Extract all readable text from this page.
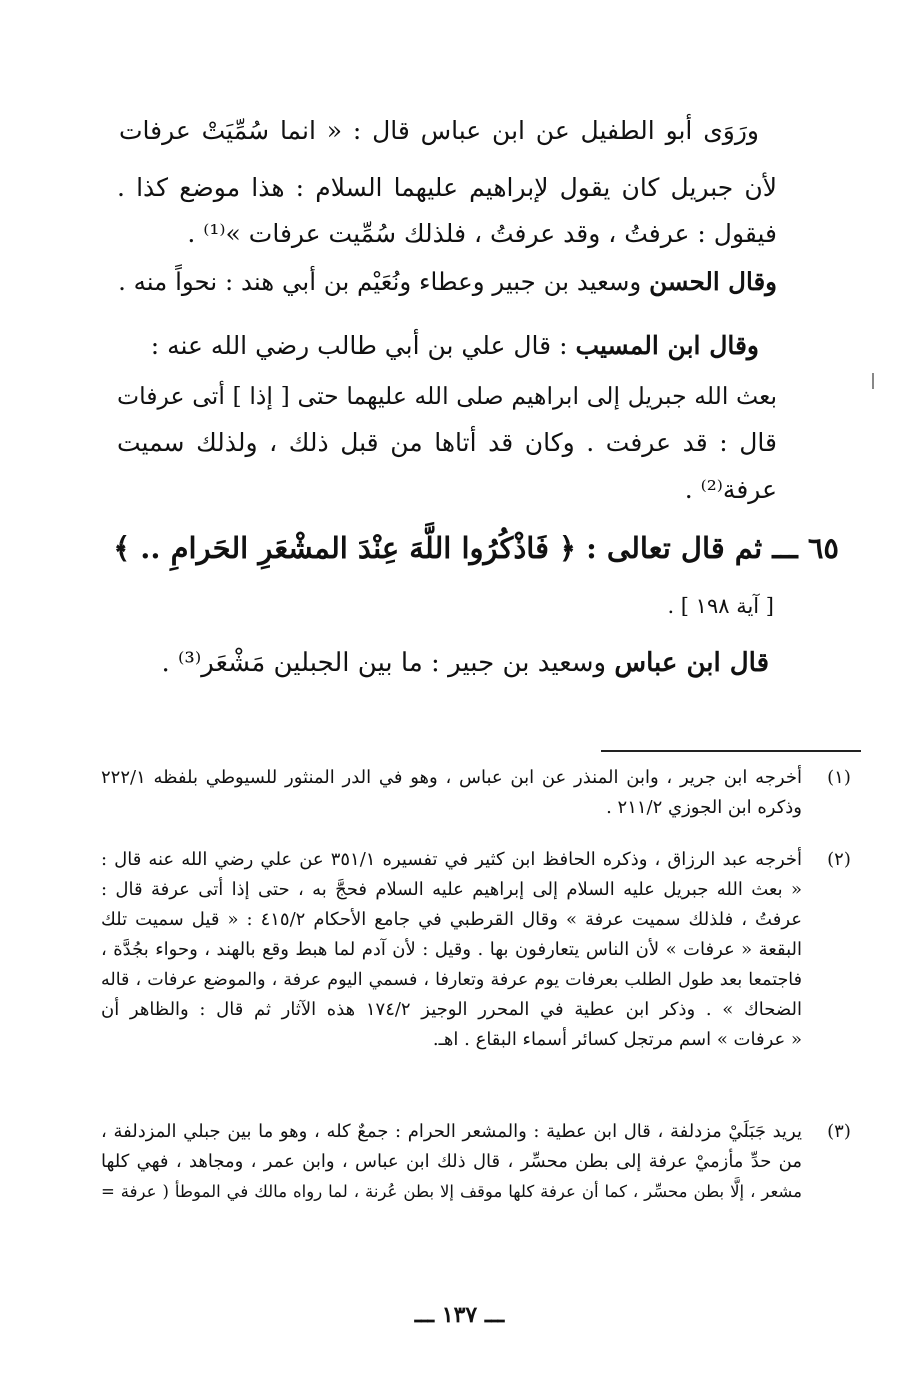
ورَوَى أبو الطفيل عن ابن عباس قال : « انما سُمِّيَتْ عرفات
لأن جبريل كان يقول لإبراهيم عليهما السلام : هذا موضع كذا .
فيقول : عرفتُ ، وقد عرفتُ ، فلذلك سُمِّيت عرفات »⁽¹⁾ .
وقال الحسن وسعيد بن جبير وعطاء ونُعَيْم بن أبي هند : نحواً منه .
وقال ابن المسيب : قال علي بن أبي طالب رضي الله عنه :
بعث الله جبريل إلى ابراهيم صلى الله عليهما حتى [ إذا ] أتى عرفات
قال : قد عرفت . وكان قد أتاها من قبل ذلك ، ولذلك سميت
عرفة⁽²⁾ .
٦٥ ـــ ثم قال تعالى : ﴿ فَاذْكُرُوا اللَّهَ عِنْدَ المشْعَرِ الحَرامِ .. ﴾
[ آية ١٩٨ ] .
قال ابن عباس وسعيد بن جبير : ما بين الجبلين مَشْعَر⁽³⁾ .
(١)
أخرجه ابن جرير ، وابن المنذر عن ابن عباس ، وهو في الدر المنثور للسيوطي بلفظه ٢٢٢/١
وذكره ابن الجوزي ٢١١/٢ .
(٢)
أخرجه عبد الرزاق ، وذكره الحافظ ابن كثير في تفسيره ٣٥١/١ عن علي رضي الله عنه قال :
« بعث الله جبريل عليه السلام إلى إبراهيم عليه السلام فحجَّ به ، حتى إذا أتى عرفة قال :
عرفتُ ، فلذلك سميت عرفة » وقال القرطبي في جامع الأحكام ٤١٥/٢ : « قيل سميت تلك
البقعة « عرفات » لأن الناس يتعارفون بها . وقيل : لأن آدم لما هبط وقع بالهند ، وحواء بجُدَّة ،
فاجتمعا بعد طول الطلب بعرفات يوم عرفة وتعارفا ، فسمي اليوم عرفة ، والموضع عرفات ، قاله
الضحاك » . وذكر ابن عطية في المحرر الوجيز ١٧٤/٢ هذه الآثار ثم قال : والظاهر أن
« عرفات » اسم مرتجل كسائر أسماء البقاع . اهـ.
(٣)
يريد جَبَلَيْ مزدلفة ، قال ابن عطية : والمشعر الحرام : جمعٌ كله ، وهو ما بين جبلي المزدلفة ،
من حدِّ مأزميْ عرفة إلى بطن محسِّر ، قال ذلك ابن عباس ، وابن عمر ، ومجاهد ، فهي كلها
مشعر ، إلَّا بطن محسِّر ، كما أن عرفة كلها موقف إلا بطن عُرنة ، لما رواه مالك في الموطأ ( عرفة =
ـــ ١٣٧ ـــ
